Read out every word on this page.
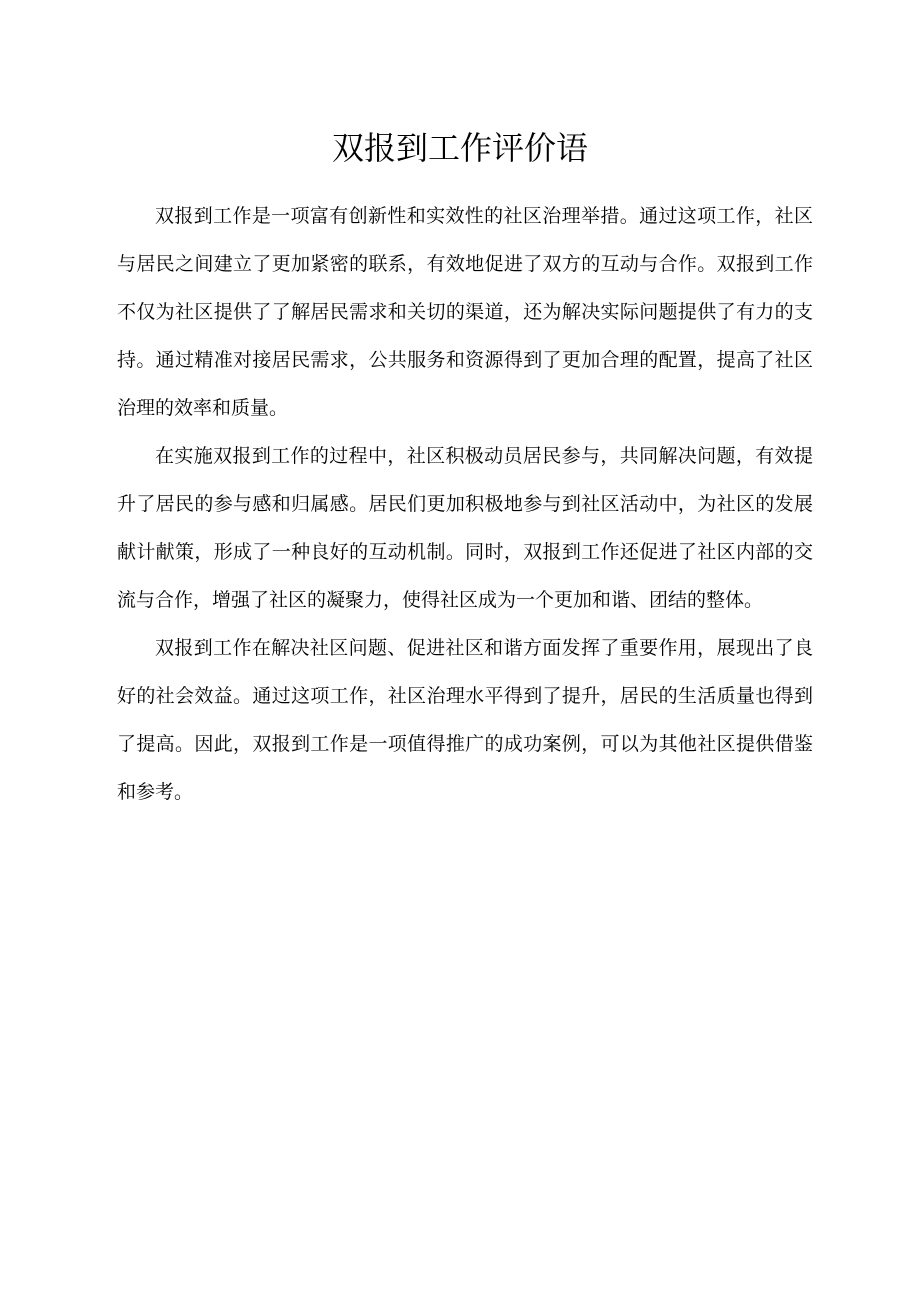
双报到工作评价语

双报到工作是一项富有创新性和实效性的社区治理举措。通过这项工作，社区与居民之间建立了更加紧密的联系，有效地促进了双方的互动与合作。双报到工作不仅为社区提供了了解居民需求和关切的渠道，还为解决实际问题提供了有力的支持。通过精准对接居民需求，公共服务和资源得到了更加合理的配置，提高了社区治理的效率和质量。

在实施双报到工作的过程中，社区积极动员居民参与，共同解决问题，有效提升了居民的参与感和归属感。居民们更加积极地参与到社区活动中，为社区的发展献计献策，形成了一种良好的互动机制。同时，双报到工作还促进了社区内部的交流与合作，增强了社区的凝聚力，使得社区成为一个更加和谐、团结的整体。

双报到工作在解决社区问题、促进社区和谐方面发挥了重要作用，展现出了良好的社会效益。通过这项工作，社区治理水平得到了提升，居民的生活质量也得到了提高。因此，双报到工作是一项值得推广的成功案例，可以为其他社区提供借鉴和参考。
